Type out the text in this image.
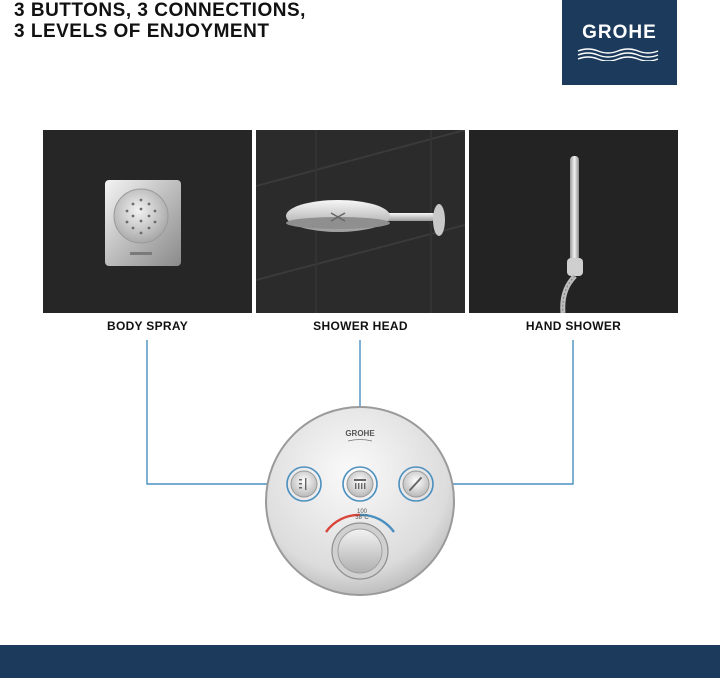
3 BUTTONS, 3 CONNECTIONS,
3 LEVELS OF ENJOYMENT	GROHE
BODY SPRAY	SHOWER HEAD	HAND SHOWER
GROHE
100
38°C
